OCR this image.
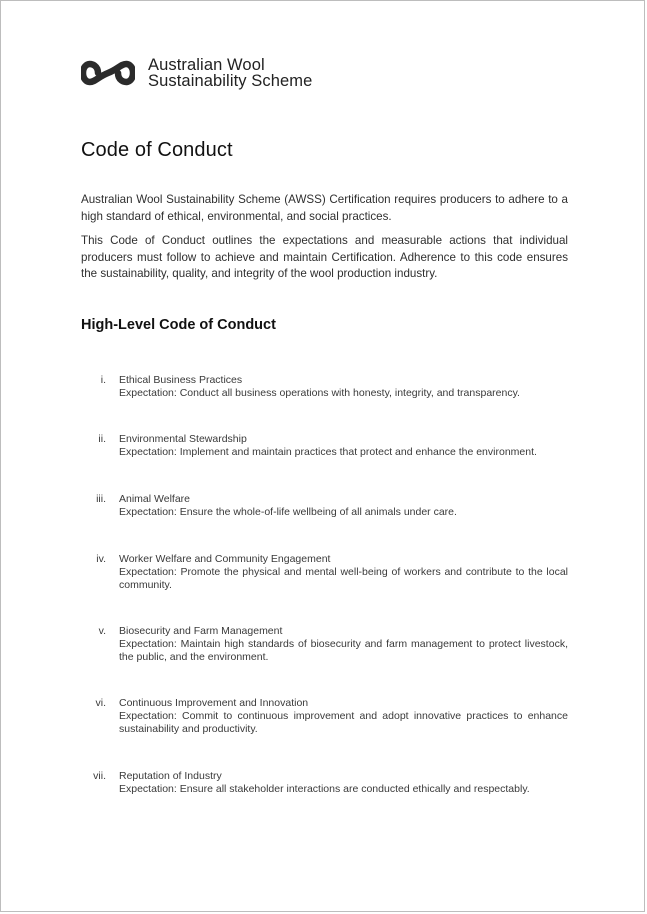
Australian Wool
Sustainability Scheme
Code of Conduct

Australian Wool Sustainability Scheme (AWSS) Certification requires producers to adhere to a high standard of ethical, environmental, and social practices.

This Code of Conduct outlines the expectations and measurable actions that individual producers must follow to achieve and maintain Certification. Adherence to this code ensures the sustainability, quality, and integrity of the wool production industry.

High-Level Code of Conduct
i. Ethical Business Practices
Expectation: Conduct all business operations with honesty, integrity, and transparency.
ii. Environmental Stewardship
Expectation: Implement and maintain practices that protect and enhance the environment.
iii. Animal Welfare
Expectation: Ensure the whole-of-life wellbeing of all animals under care.
iv. Worker Welfare and Community Engagement
Expectation: Promote the physical and mental well-being of workers and contribute to the local community.
v. Biosecurity and Farm Management
Expectation: Maintain high standards of biosecurity and farm management to protect livestock, the public, and the environment.
vi. Continuous Improvement and Innovation
Expectation: Commit to continuous improvement and adopt innovative practices to enhance sustainability and productivity.
vii. Reputation of Industry
Expectation: Ensure all stakeholder interactions are conducted ethically and respectably.
